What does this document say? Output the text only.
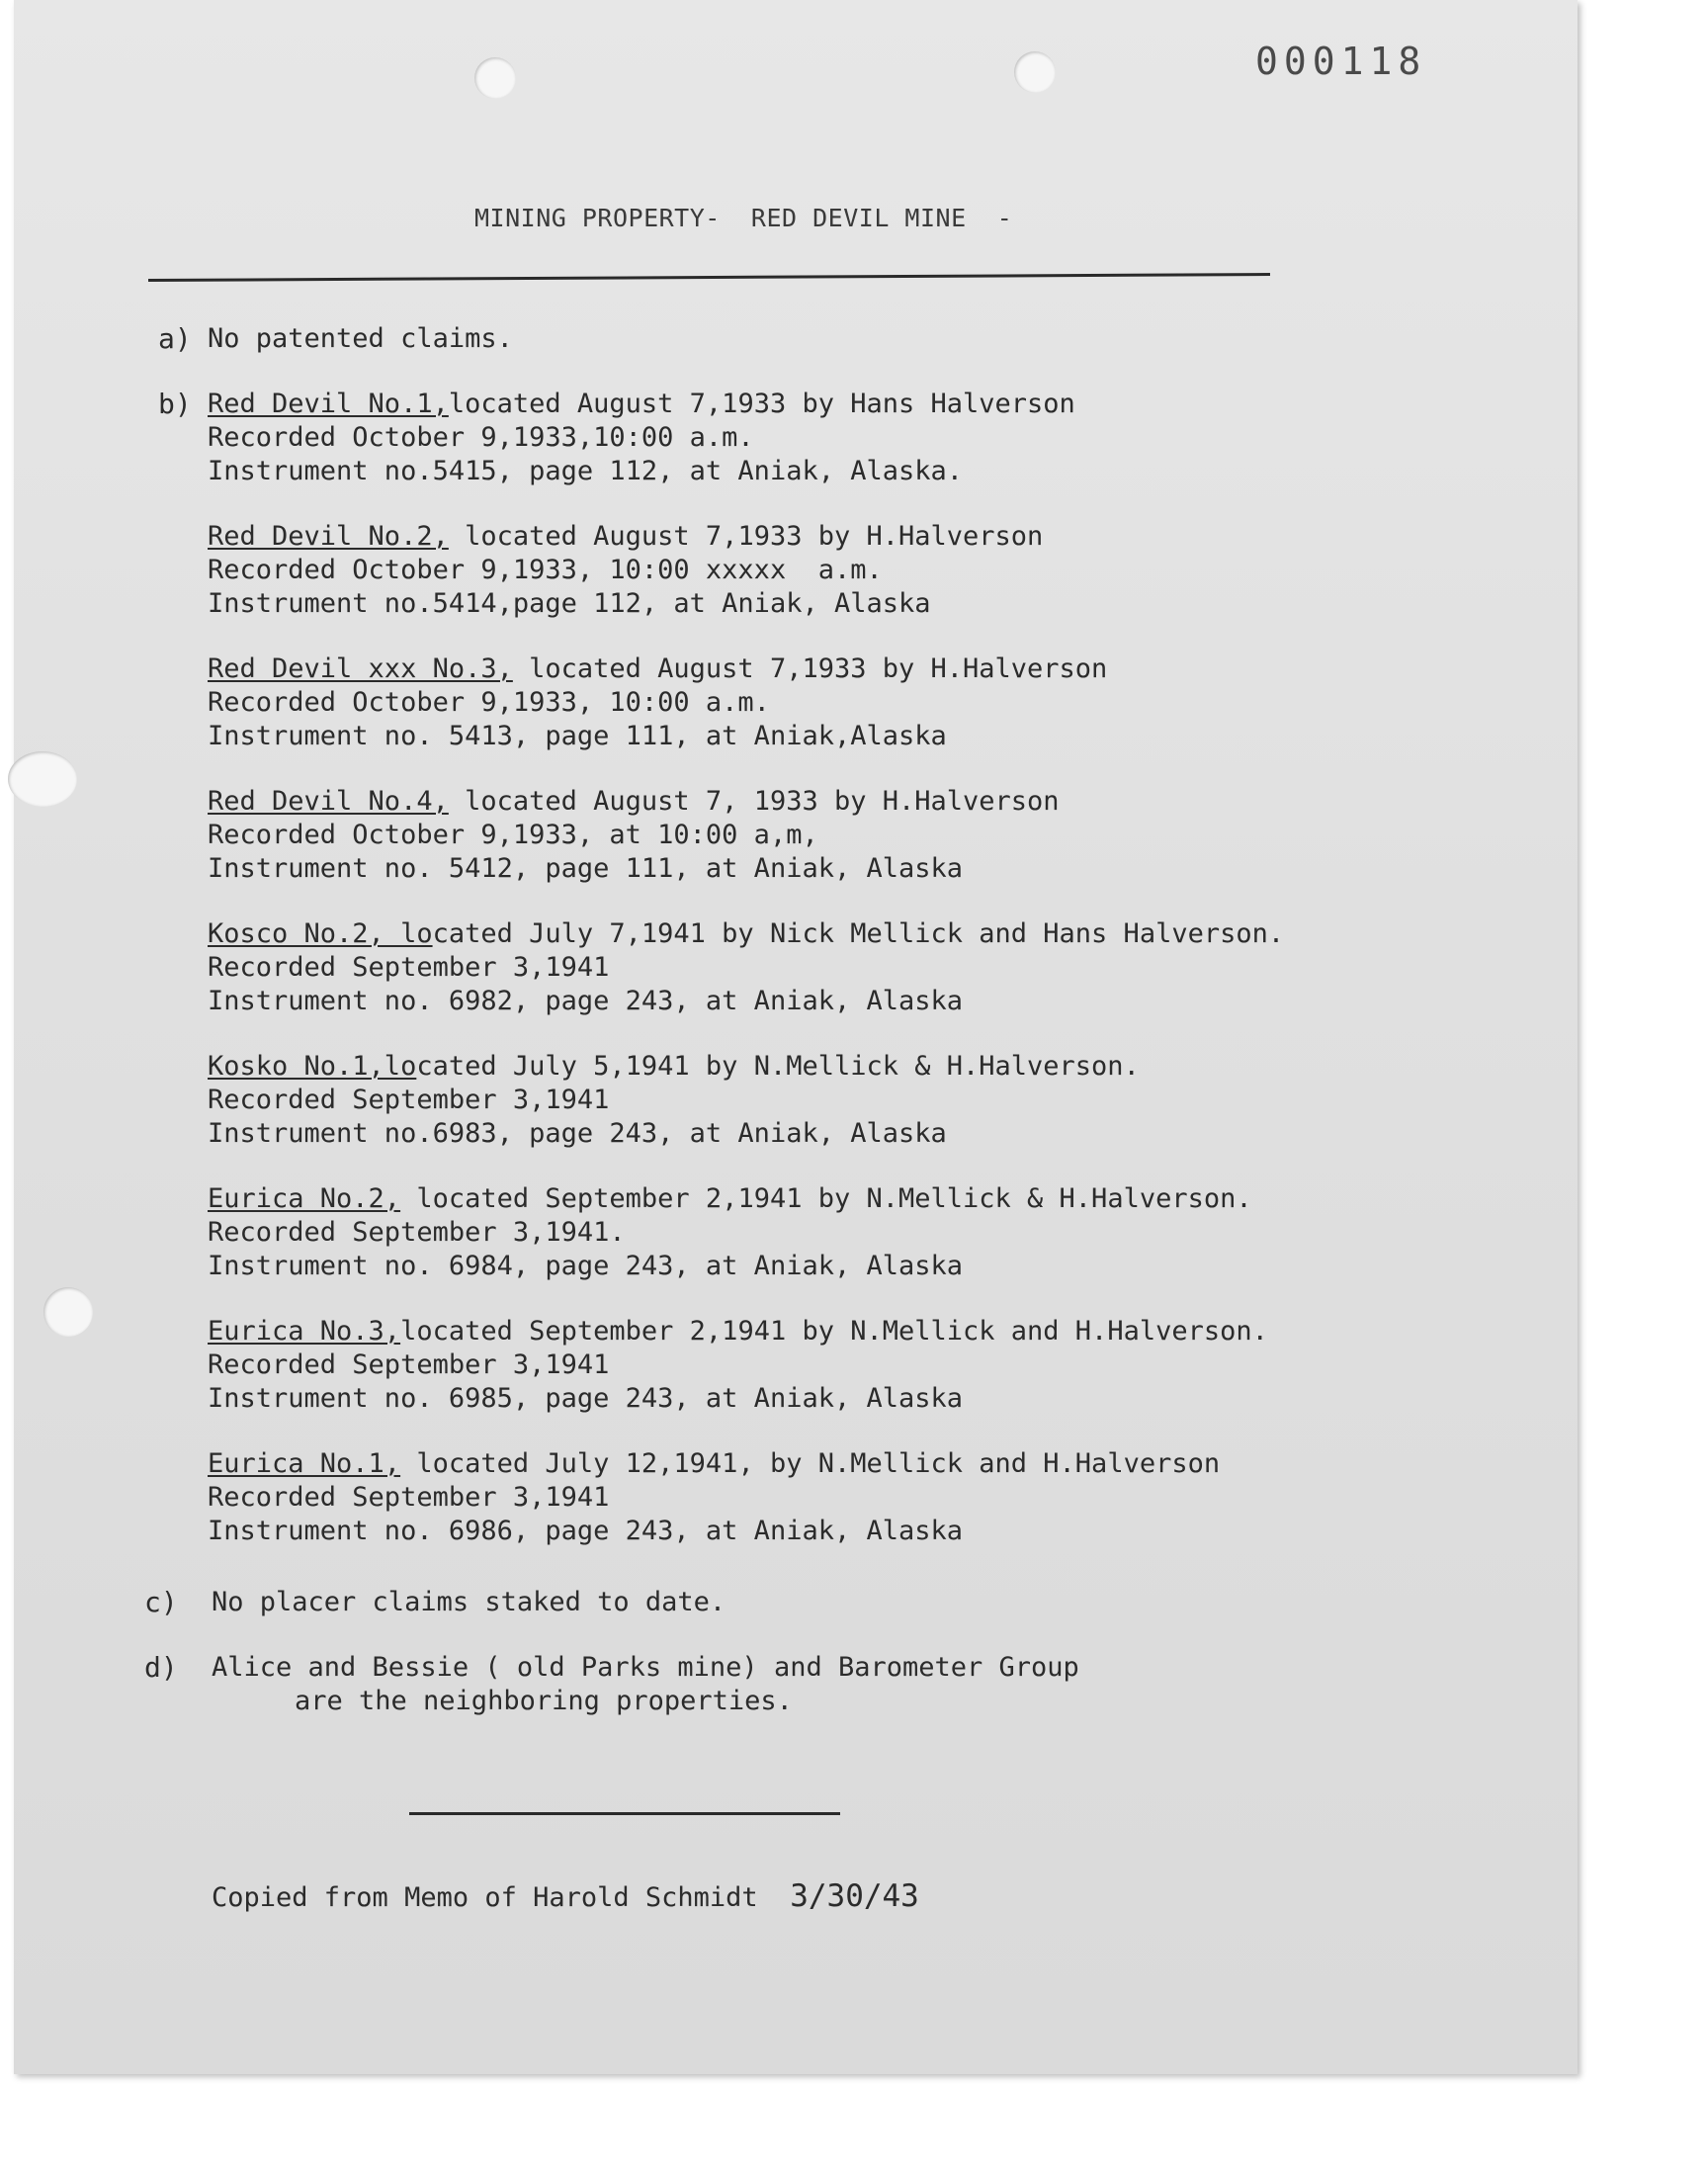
000118
MINING PROPERTY-  RED DEVIL MINE  -
a) No patented claims.
b) Red Devil No.1,located August 7,1933 by Hans Halverson
Recorded October 9,1933,10:00 a.m.
Instrument no.5415, page 112, at Aniak, Alaska.
Red Devil No.2, located August 7,1933 by H.Halverson
Recorded October 9,1933, 10:00 xxxxx  a.m.
Instrument no.5414,page 112, at Aniak, Alaska
Red Devil xxx No.3, located August 7,1933 by H.Halverson
Recorded October 9,1933, 10:00 a.m.
Instrument no. 5413, page 111, at Aniak,Alaska
Red Devil No.4, located August 7, 1933 by H.Halverson
Recorded October 9,1933, at 10:00 a,m,
Instrument no. 5412, page 111, at Aniak, Alaska
Kosco No.2, located July 7,1941 by Nick Mellick and Hans Halverson.
Recorded September 3,1941
Instrument no. 6982, page 243, at Aniak, Alaska
Kosko No.1,located July 5,1941 by N.Mellick & H.Halverson.
Recorded September 3,1941
Instrument no.6983, page 243, at Aniak, Alaska
Eurica No.2, located September 2,1941 by N.Mellick & H.Halverson.
Recorded September 3,1941.
Instrument no. 6984, page 243, at Aniak, Alaska
Eurica No.3,located September 2,1941 by N.Mellick and H.Halverson.
Recorded September 3,1941
Instrument no. 6985, page 243, at Aniak, Alaska
Eurica No.1, located July 12,1941, by N.Mellick and H.Halverson
Recorded September 3,1941
Instrument no. 6986, page 243, at Aniak, Alaska
c) No placer claims staked to date.
d) Alice and Bessie ( old Parks mine) and Barometer Group
are the neighboring properties.
Copied from Memo of Harold Schmidt 3/30/43
